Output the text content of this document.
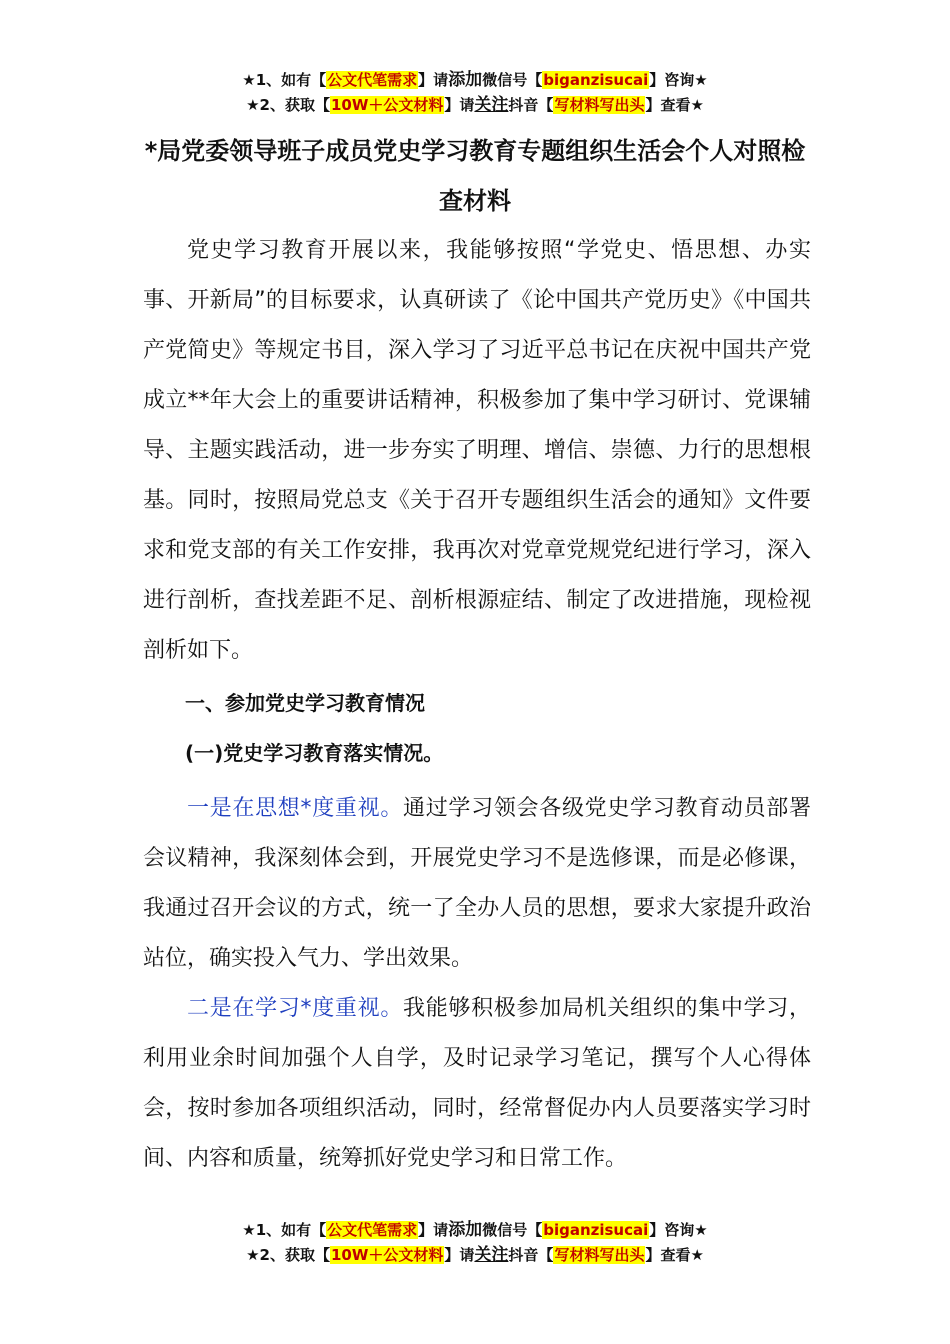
★1、如有【公文代笔需求】请添加微信号【biganzisucai】咨询★
★2、获取【10W＋公文材料】请关注抖音【写材料写出头】查看★
*局党委领导班子成员党史学习教育专题组织生活会个人对照检查材料

党史学习教育开展以来，我能够按照“学党史、悟思想、办实事、开新局”的目标要求，认真研读了《论中国共产党历史》《中国共产党简史》等规定书目，深入学习了习近平总书记在庆祝中国共产党成立**年大会上的重要讲话精神，积极参加了集中学习研讨、党课辅导、主题实践活动，进一步夯实了明理、增信、崇德、力行的思想根基。同时，按照局党总支《关于召开专题组织生活会的通知》文件要求和党支部的有关工作安排，我再次对党章党规党纪进行学习，深入进行剖析，查找差距不足、剖析根源症结、制定了改进措施，现检视剖析如下。

一、参加党史学习教育情况

(一)党史学习教育落实情况。

一是在思想*度重视。通过学习领会各级党史学习教育动员部署会议精神，我深刻体会到，开展党史学习不是选修课，而是必修课，我通过召开会议的方式，统一了全办人员的思想，要求大家提升政治站位，确实投入气力、学出效果。

二是在学习*度重视。我能够积极参加局机关组织的集中学习，利用业余时间加强个人自学，及时记录学习笔记，撰写个人心得体会，按时参加各项组织活动，同时，经常督促办内人员要落实学习时间、内容和质量，统筹抓好党史学习和日常工作。

★1、如有【公文代笔需求】请添加微信号【biganzisucai】咨询★
★2、获取【10W＋公文材料】请关注抖音【写材料写出头】查看★
